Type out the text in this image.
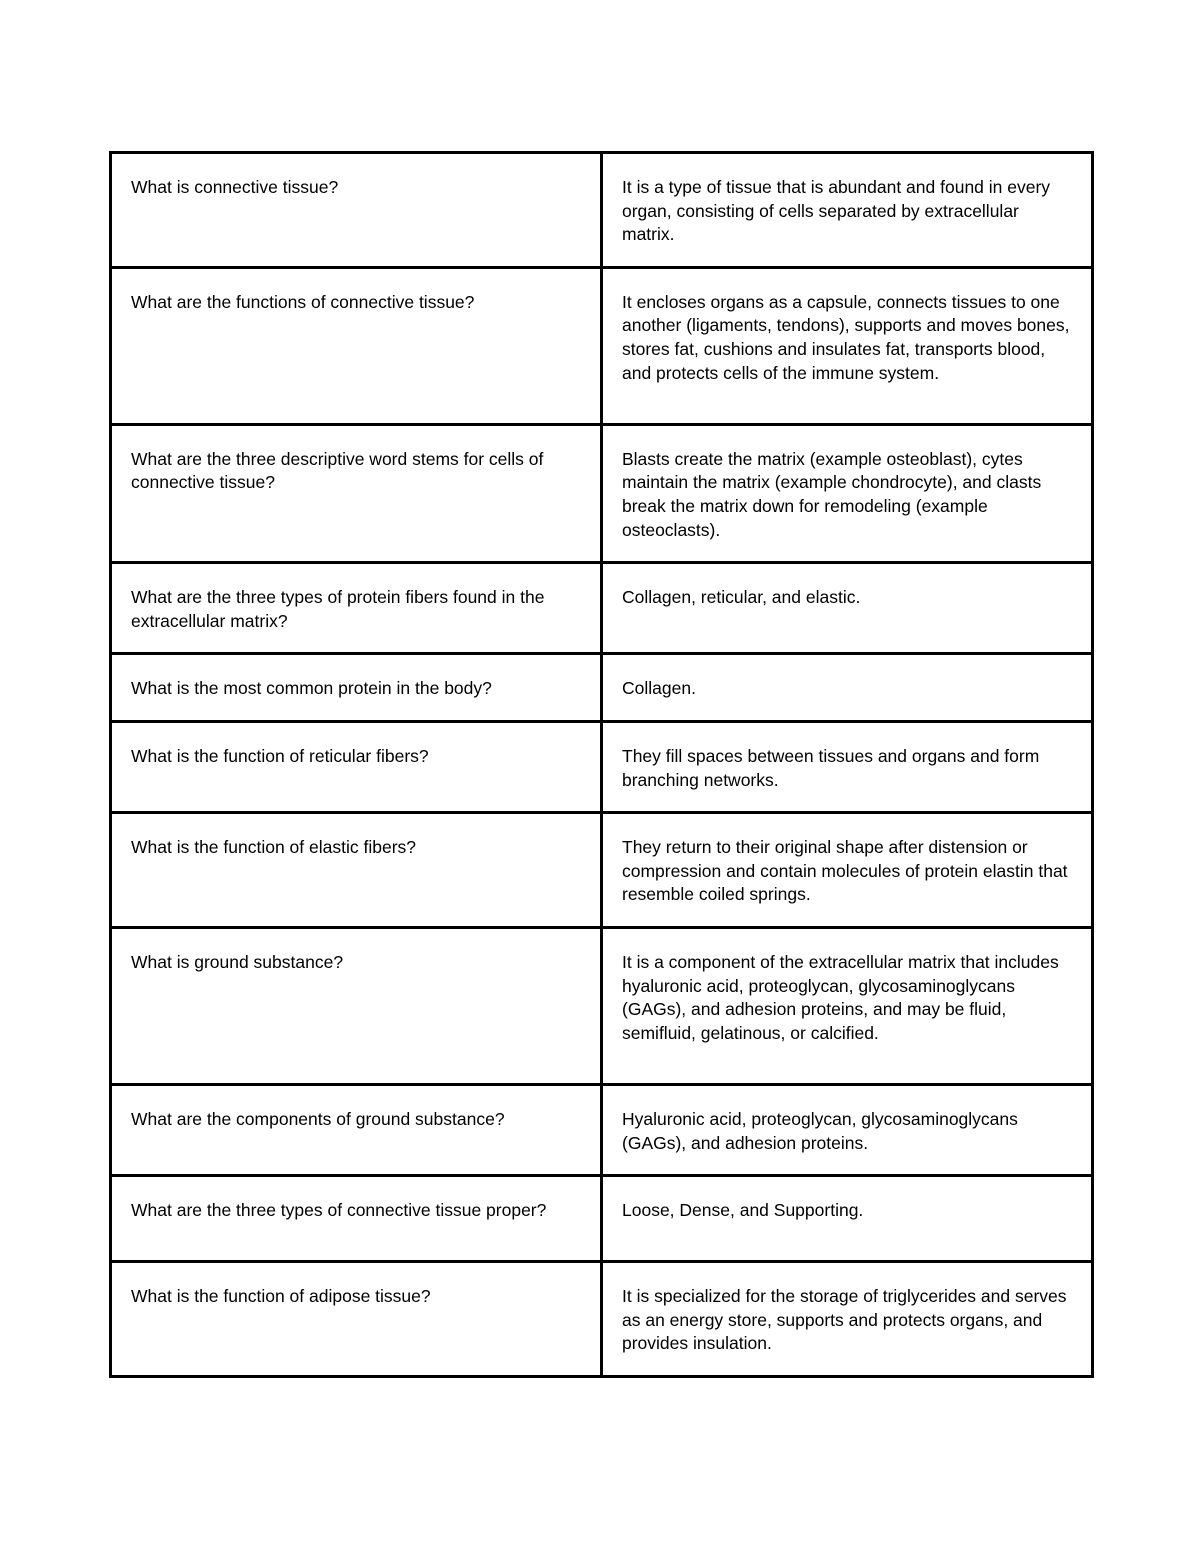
What is connective tissue?	It is a type of tissue that is abundant and found in every organ, consisting of cells separated by extracellular matrix.
What are the functions of connective tissue?	It encloses organs as a capsule, connects tissues to one another (ligaments, tendons), supports and moves bones, stores fat, cushions and insulates fat, transports blood, and protects cells of the immune system.
What are the three descriptive word stems for cells of connective tissue?	Blasts create the matrix (example osteoblast), cytes maintain the matrix (example chondrocyte), and clasts break the matrix down for remodeling (example osteoclasts).
What are the three types of protein fibers found in the extracellular matrix?	Collagen, reticular, and elastic.
What is the most common protein in the body?	Collagen.
What is the function of reticular fibers?	They fill spaces between tissues and organs and form branching networks.
What is the function of elastic fibers?	They return to their original shape after distension or compression and contain molecules of protein elastin that resemble coiled springs.
What is ground substance?	It is a component of the extracellular matrix that includes hyaluronic acid, proteoglycan, glycosaminoglycans (GAGs), and adhesion proteins, and may be fluid, semifluid, gelatinous, or calcified.
What are the components of ground substance?	Hyaluronic acid, proteoglycan, glycosaminoglycans (GAGs), and adhesion proteins.
What are the three types of connective tissue proper?	Loose, Dense, and Supporting.
What is the function of adipose tissue?	It is specialized for the storage of triglycerides and serves as an energy store, supports and protects organs, and provides insulation.
